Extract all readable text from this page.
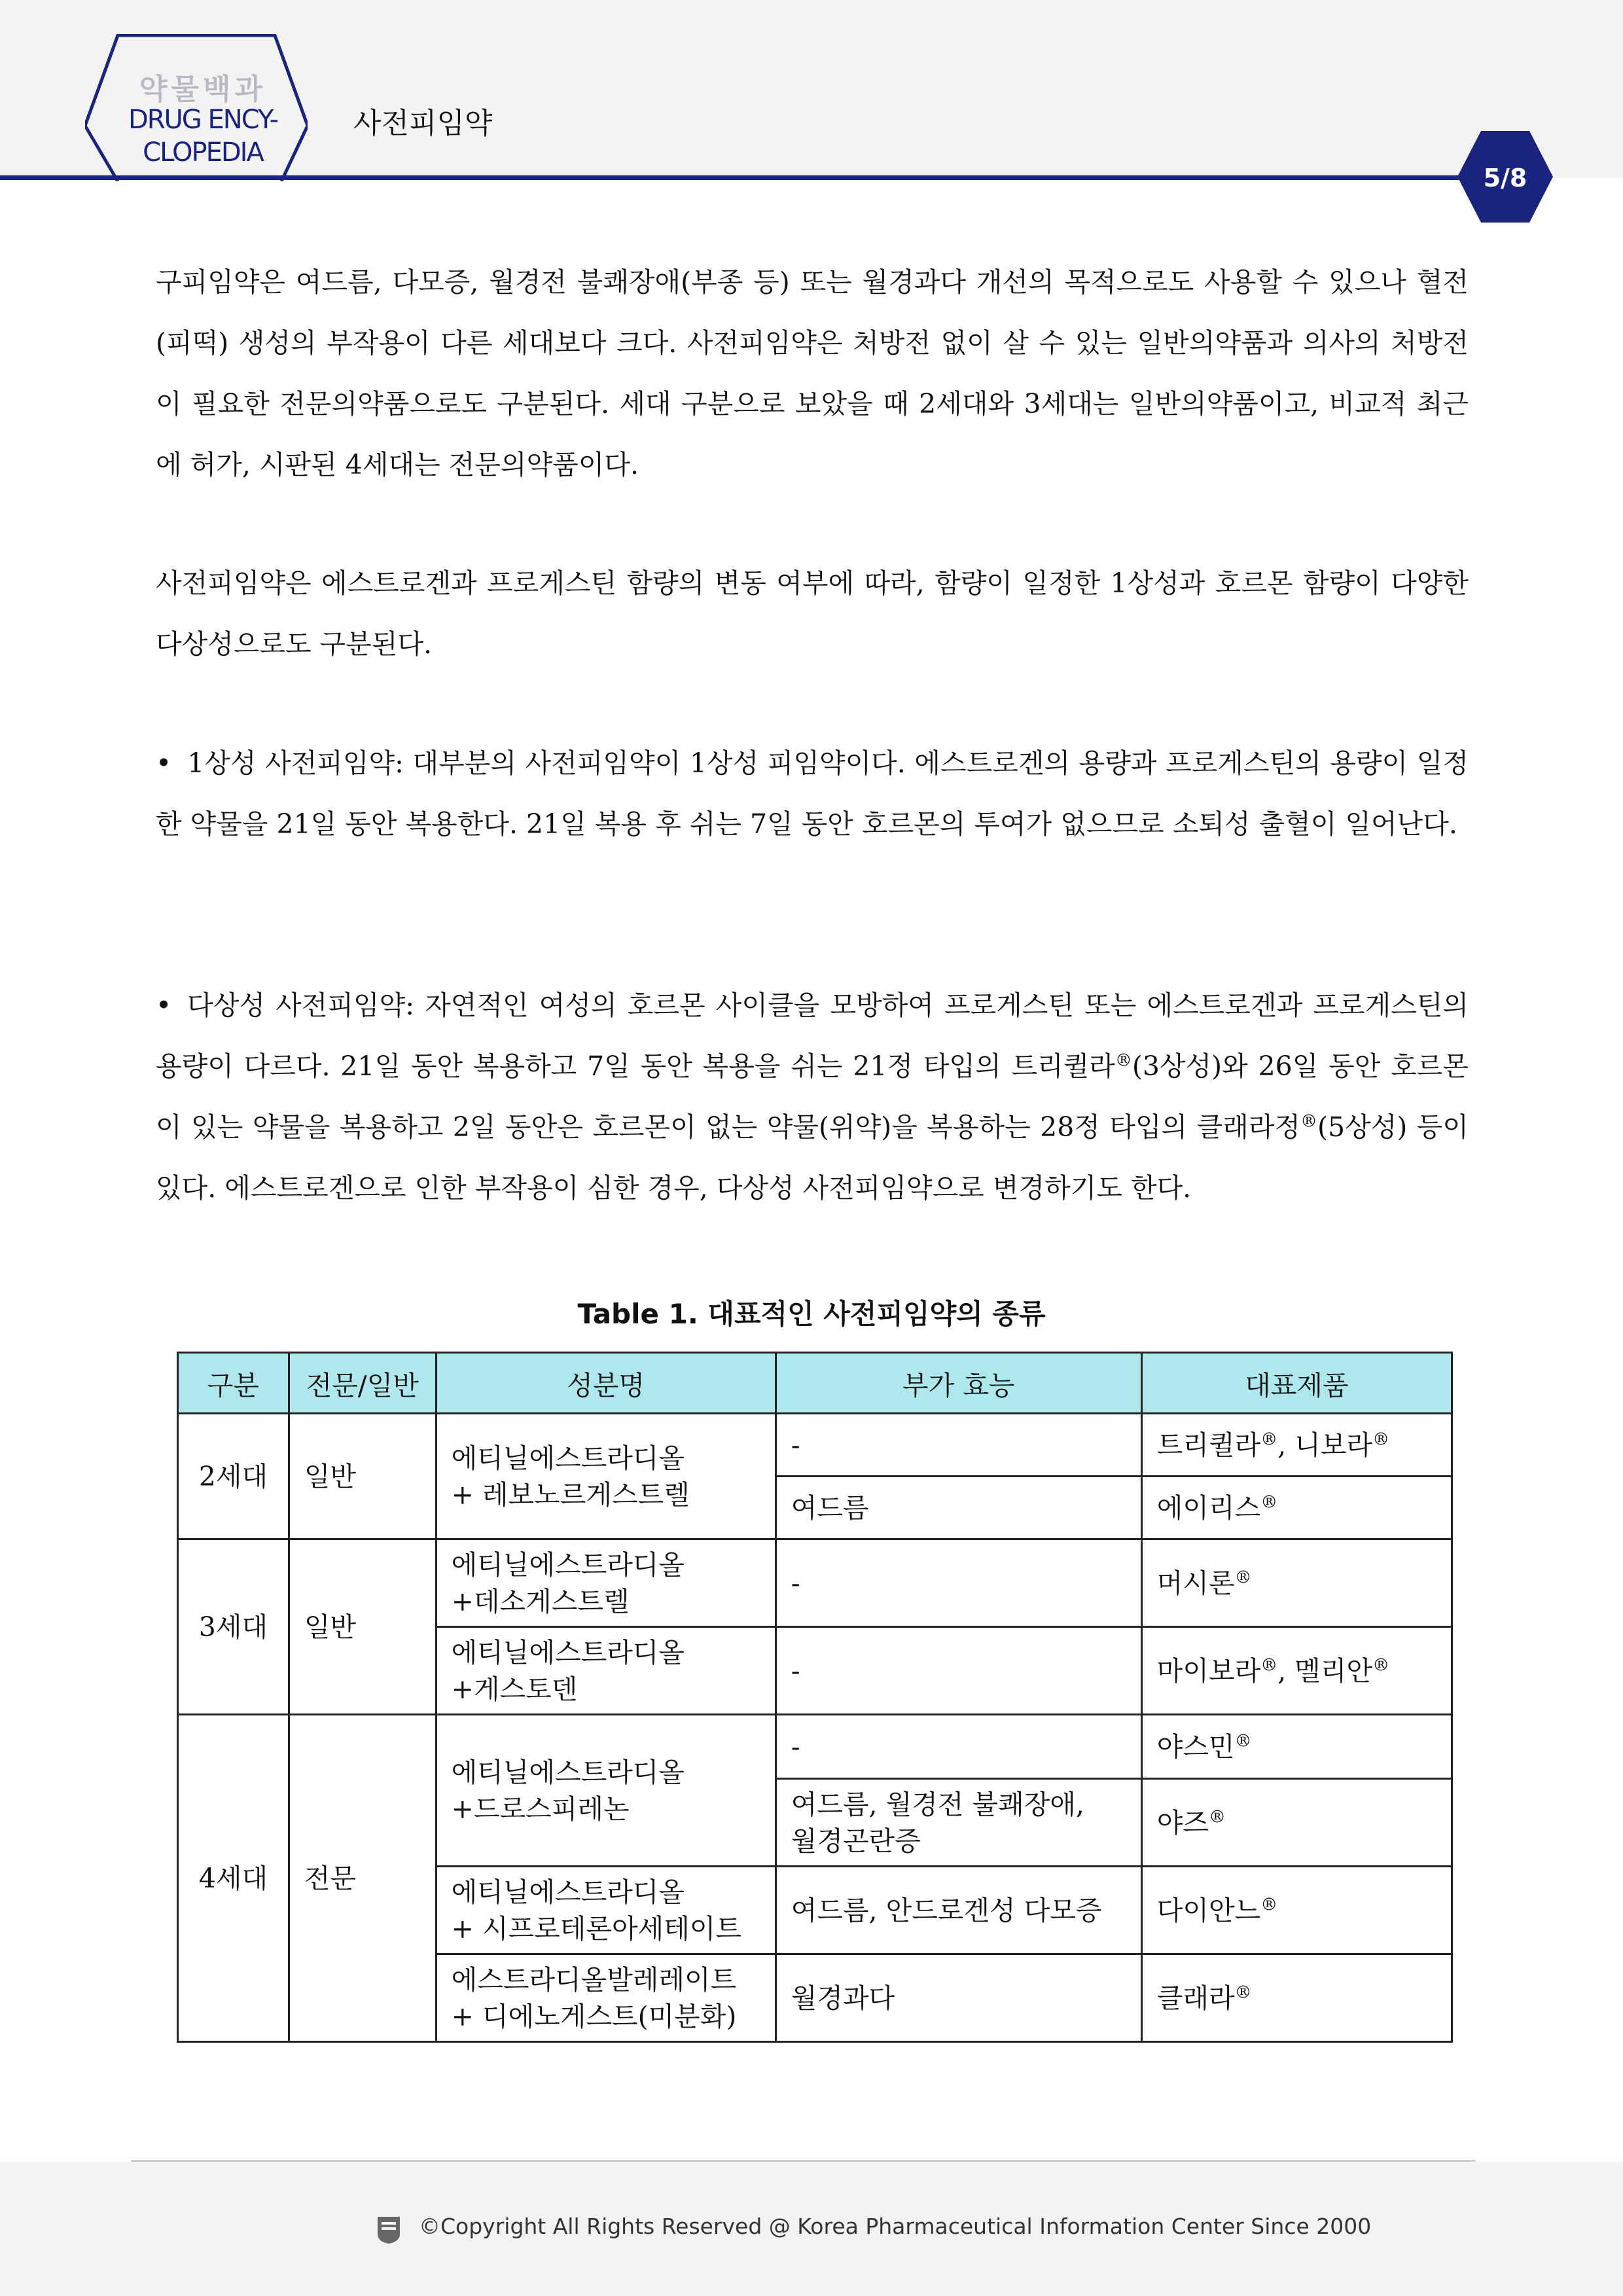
약물백과
DRUG ENCY-
CLOPEDIA
사전피임약
5/8

구피임약은 여드름, 다모증, 월경전 불쾌장애(부종 등) 또는 월경과다 개선의 목적으로도 사용할 수 있으나 혈전(피떡) 생성의 부작용이 다른 세대보다 크다. 사전피임약은 처방전 없이 살 수 있는 일반의약품과 의사의 처방전이 필요한 전문의약품으로도 구분된다. 세대 구분으로 보았을 때 2세대와 3세대는 일반의약품이고, 비교적 최근에 허가, 시판된 4세대는 전문의약품이다.

사전피임약은 에스트로겐과 프로게스틴 함량의 변동 여부에 따라, 함량이 일정한 1상성과 호르몬 함량이 다양한 다상성으로도 구분된다.

• 1상성 사전피임약: 대부분의 사전피임약이 1상성 피임약이다. 에스트로겐의 용량과 프로게스틴의 용량이 일정한 약물을 21일 동안 복용한다. 21일 복용 후 쉬는 7일 동안 호르몬의 투여가 없으므로 소퇴성 출혈이 일어난다.

• 다상성 사전피임약: 자연적인 여성의 호르몬 사이클을 모방하여 프로게스틴 또는 에스트로겐과 프로게스틴의 용량이 다르다. 21일 동안 복용하고 7일 동안 복용을 쉬는 21정 타입의 트리퀼라®(3상성)와 26일 동안 호르몬이 있는 약물을 복용하고 2일 동안은 호르몬이 없는 약물(위약)을 복용하는 28정 타입의 클래라정®(5상성) 등이 있다. 에스트로겐으로 인한 부작용이 심한 경우, 다상성 사전피임약으로 변경하기도 한다.

Table 1. 대표적인 사전피임약의 종류
구분	전문/일반	성분명	부가 효능	대표제품
2세대	일반	에티닐에스트라디올
+ 레보노르게스트렐	-	트리퀼라®, 니보라®
			여드름	에이리스®
3세대	일반	에티닐에스트라디올
+데소게스트렐	-	머시론®
		에티닐에스트라디올
+게스토덴	-	마이보라®, 멜리안®
4세대	전문	에티닐에스트라디올
+드로스피레논	-	야스민®
			여드름, 월경전 불쾌장애,
월경곤란증	야즈®
		에티닐에스트라디올
+ 시프로테론아세테이트	여드름, 안드로겐성 다모증	다이안느®
		에스트라디올발레레이트
+ 디에노게스트(미분화)	월경과다	클래라®
©Copyright All Rights Reserved @ Korea Pharmaceutical Information Center Since 2000
